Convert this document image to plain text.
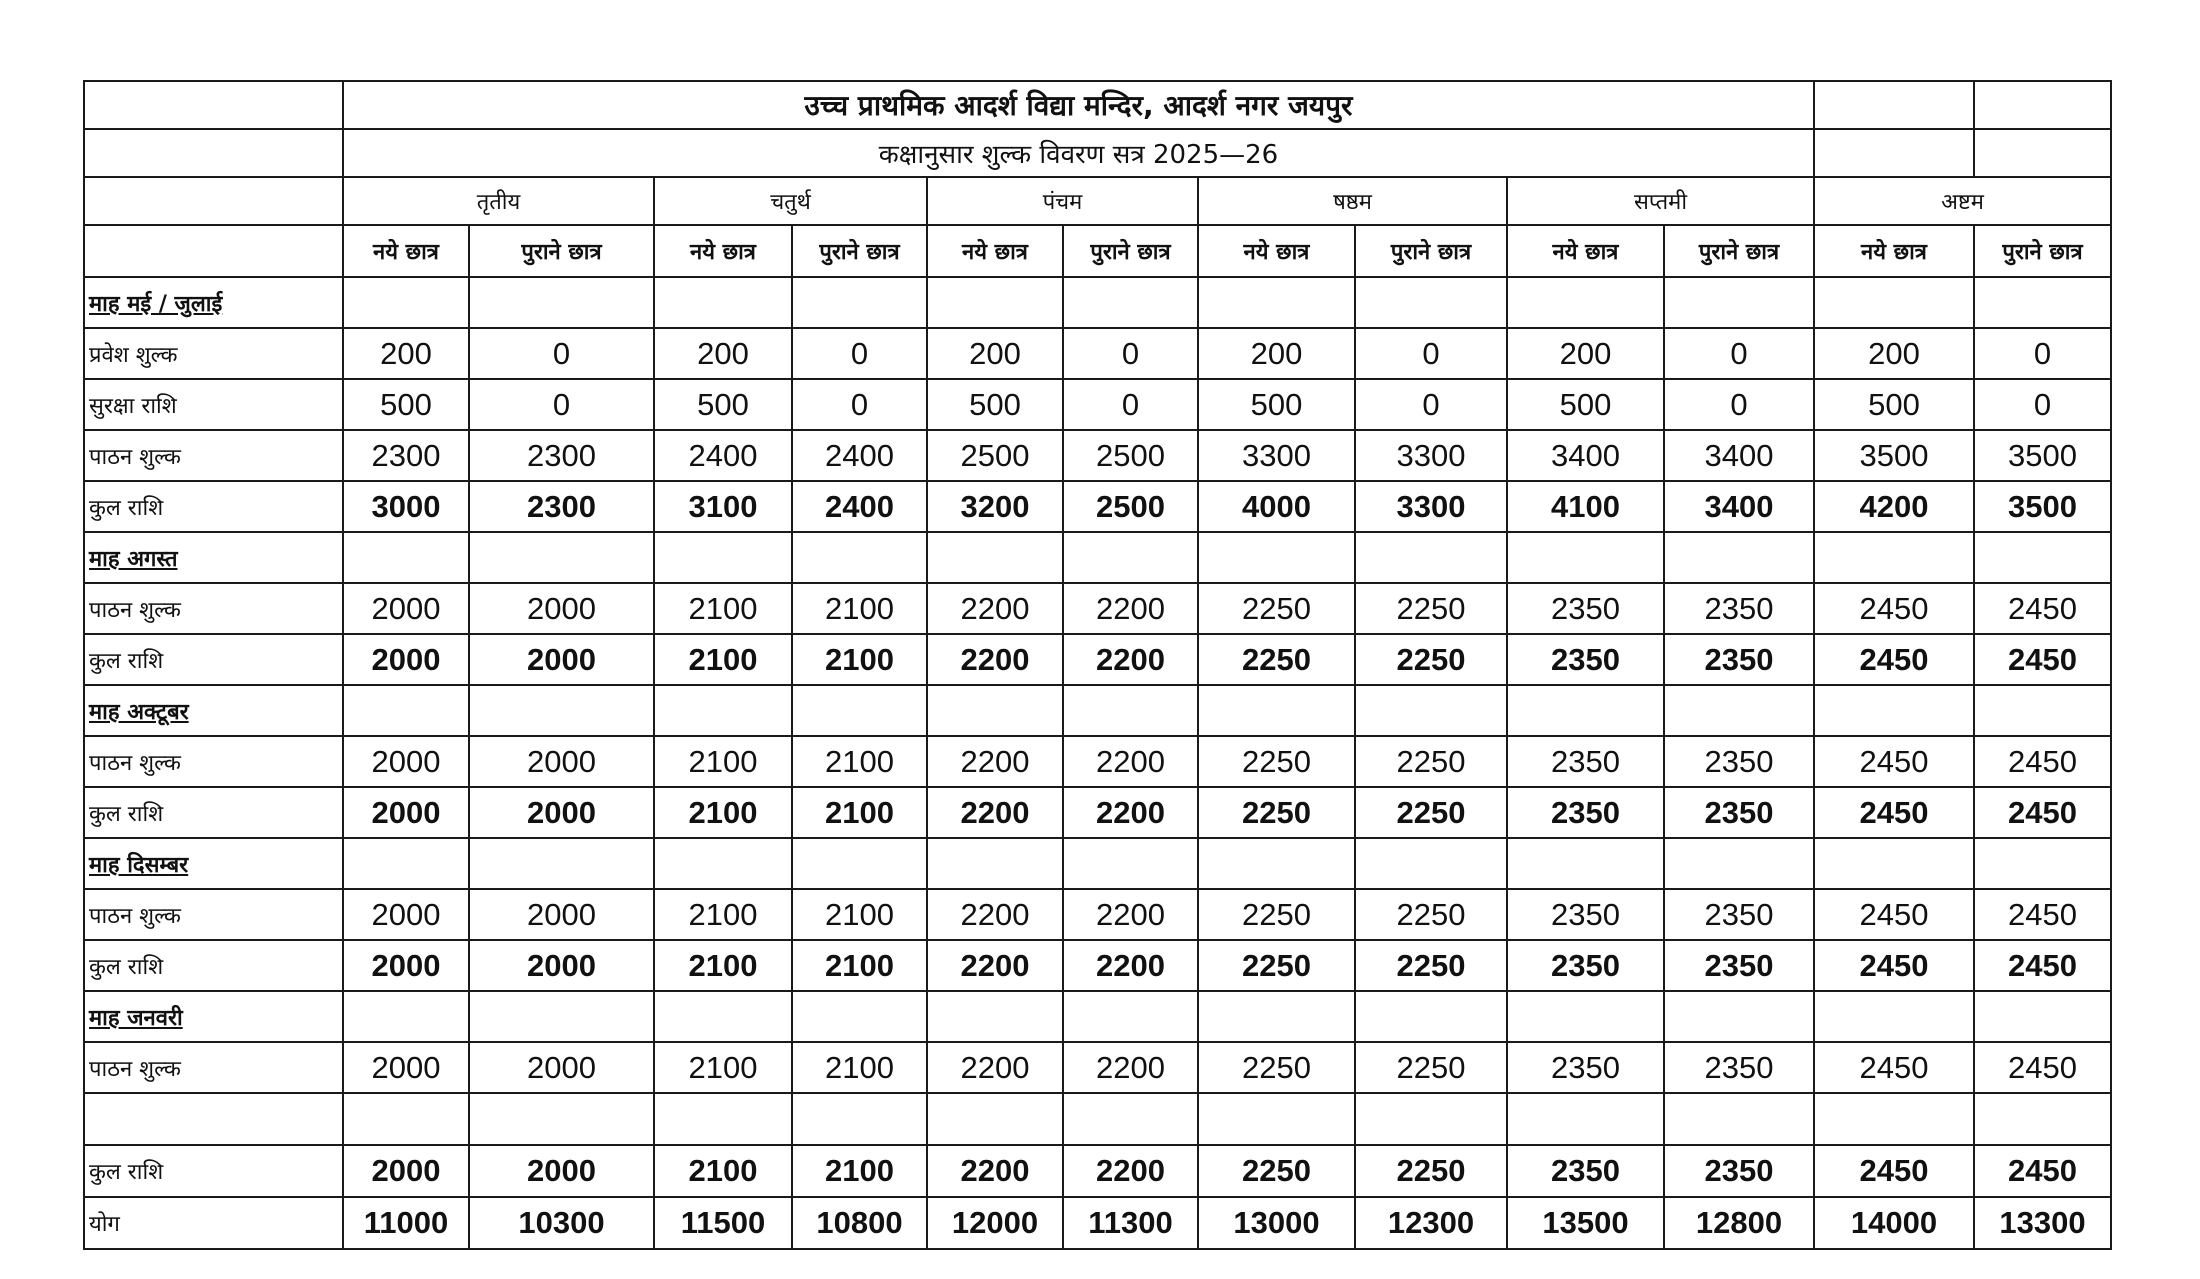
	उच्च प्राथमिक आदर्श विद्या मन्दिर, आदर्श नगर जयपुर											
	कक्षानुसार शुल्क विवरण सत्र 2025—26											
	तृतीय		चतुर्थ		पंचम		षष्ठम		सप्तमी		अष्टम	
	नये छात्र	पुराने छात्र	नये छात्र	पुराने छात्र	नये छात्र	पुराने छात्र	नये छात्र	पुराने छात्र	नये छात्र	पुराने छात्र	नये छात्र	पुराने छात्र
माह मई / जुलाई												
प्रवेश शुल्क	200	0	200	0	200	0	200	0	200	0	200	0
सुरक्षा राशि	500	0	500	0	500	0	500	0	500	0	500	0
पाठन शुल्क	2300	2300	2400	2400	2500	2500	3300	3300	3400	3400	3500	3500
कुल राशि	3000	2300	3100	2400	3200	2500	4000	3300	4100	3400	4200	3500
माह अगस्त												
पाठन शुल्क	2000	2000	2100	2100	2200	2200	2250	2250	2350	2350	2450	2450
कुल राशि	2000	2000	2100	2100	2200	2200	2250	2250	2350	2350	2450	2450
माह अक्टूबर												
पाठन शुल्क	2000	2000	2100	2100	2200	2200	2250	2250	2350	2350	2450	2450
कुल राशि	2000	2000	2100	2100	2200	2200	2250	2250	2350	2350	2450	2450
माह दिसम्बर												
पाठन शुल्क	2000	2000	2100	2100	2200	2200	2250	2250	2350	2350	2450	2450
कुल राशि	2000	2000	2100	2100	2200	2200	2250	2250	2350	2350	2450	2450
माह जनवरी												
पाठन शुल्क	2000	2000	2100	2100	2200	2200	2250	2250	2350	2350	2450	2450

कुल राशि	2000	2000	2100	2100	2200	2200	2250	2250	2350	2350	2450	2450
योग	11000	10300	11500	10800	12000	11300	13000	12300	13500	12800	14000	13300
